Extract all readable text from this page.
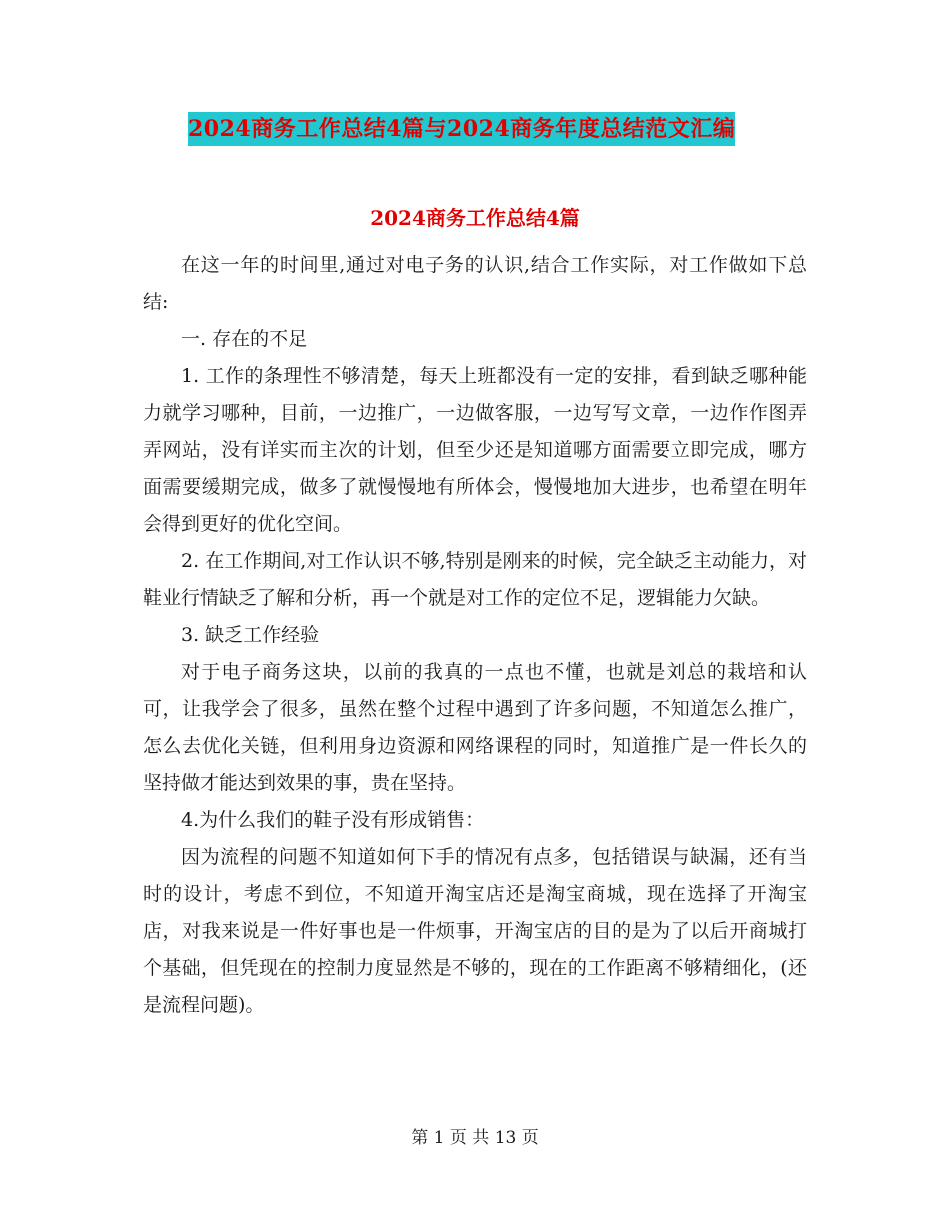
2024商务工作总结4篇与2024商务年度总结范文汇编
2024商务工作总结4篇

在这一年的时间里,通过对电子务的认识,结合工作实际，对工作做如下总结:

一. 存在的不足

1. 工作的条理性不够清楚，每天上班都没有一定的安排，看到缺乏哪种能力就学习哪种，目前，一边推广，一边做客服，一边写写文章，一边作作图弄弄网站，没有详实而主次的计划，但至少还是知道哪方面需要立即完成，哪方面需要缓期完成，做多了就慢慢地有所体会，慢慢地加大进步，也希望在明年会得到更好的优化空间。

2. 在工作期间,对工作认识不够,特别是刚来的时候，完全缺乏主动能力，对鞋业行情缺乏了解和分析，再一个就是对工作的定位不足，逻辑能力欠缺。

3. 缺乏工作经验

对于电子商务这块，以前的我真的一点也不懂，也就是刘总的栽培和认可，让我学会了很多，虽然在整个过程中遇到了许多问题，不知道怎么推广，怎么去优化关链，但利用身边资源和网络课程的同时，知道推广是一件长久的坚持做才能达到效果的事，贵在坚持。

4.为什么我们的鞋子没有形成销售：

因为流程的问题不知道如何下手的情况有点多，包括错误与缺漏，还有当时的设计，考虑不到位，不知道开淘宝店还是淘宝商城，现在选择了开淘宝店，对我来说是一件好事也是一件烦事，开淘宝店的目的是为了以后开商城打个基础，但凭现在的控制力度显然是不够的，现在的工作距离不够精细化，(还是流程问题)。

第 1 页 共 13 页
